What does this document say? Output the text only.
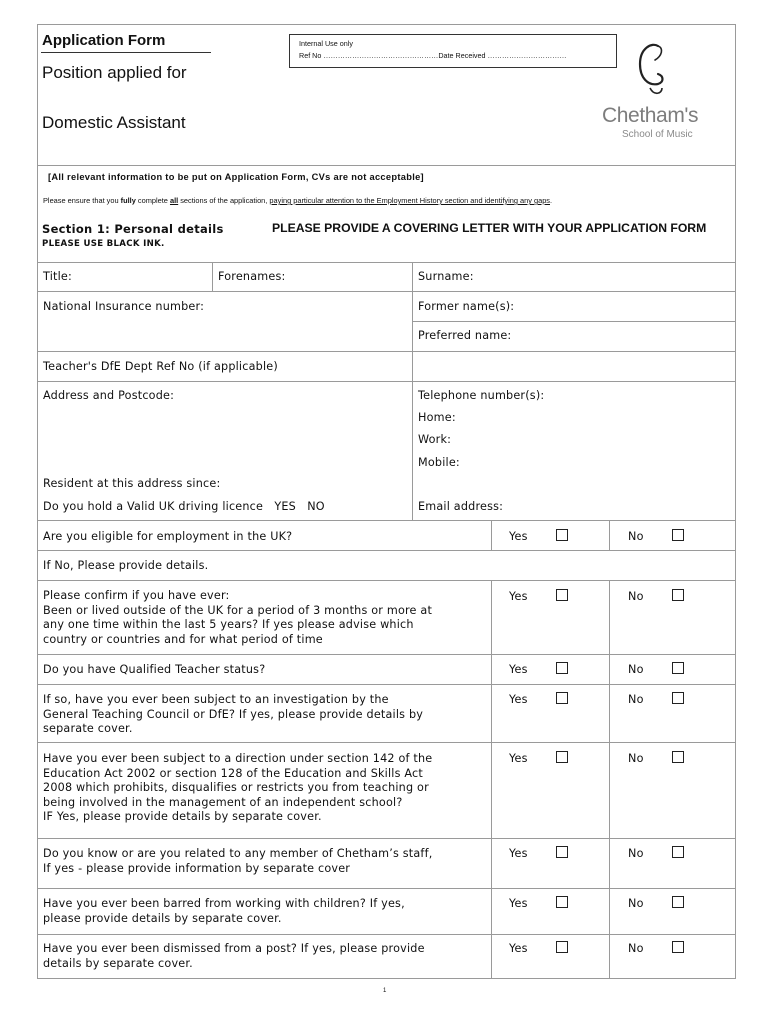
Application Form
Position applied for
Domestic Assistant
Internal Use only
Ref No …………………………………………Date Received ……………………………
Chetham's
School of Music
[All relevant information to be put on Application Form, CVs are not acceptable]
Please ensure that you fully complete all sections of the application, paying particular attention to the Employment History section and identifying any gaps.
Section 1: Personal details	PLEASE PROVIDE A COVERING LETTER WITH YOUR APPLICATION FORM
PLEASE USE BLACK INK.
Title:	Forenames:	Surname:
National Insurance number:	Former name(s):
Preferred name:
Teacher's DfE Dept Ref No (if applicable)
Address and Postcode:	Telephone number(s):
Home:
Work:
Mobile:
Resident at this address since:
Do you hold a Valid UK driving licence   YES   NO	Email address:
Are you eligible for employment in the UK?	Yes	No
If No, Please provide details.
Please confirm if you have ever:
Been or lived outside of the UK for a period of 3 months or more at
any one time within the last 5 years? If yes please advise which
country or countries and for what period of time
Yes	No
Do you have Qualified Teacher status?	Yes	No
If so, have you ever been subject to an investigation by the
General Teaching Council or DfE? If yes, please provide details by
separate cover.
Yes	No
Have you ever been subject to a direction under section 142 of the
Education Act 2002 or section 128 of the Education and Skills Act
2008 which prohibits, disqualifies or restricts you from teaching or
being involved in the management of an independent school?
IF Yes, please provide details by separate cover.
Yes	No
Do you know or are you related to any member of Chetham’s staff,
If yes - please provide information by separate cover
Yes	No
Have you ever been barred from working with children? If yes,
please provide details by separate cover.
Yes	No
Have you ever been dismissed from a post? If yes, please provide
details by separate cover.
Yes	No
1
